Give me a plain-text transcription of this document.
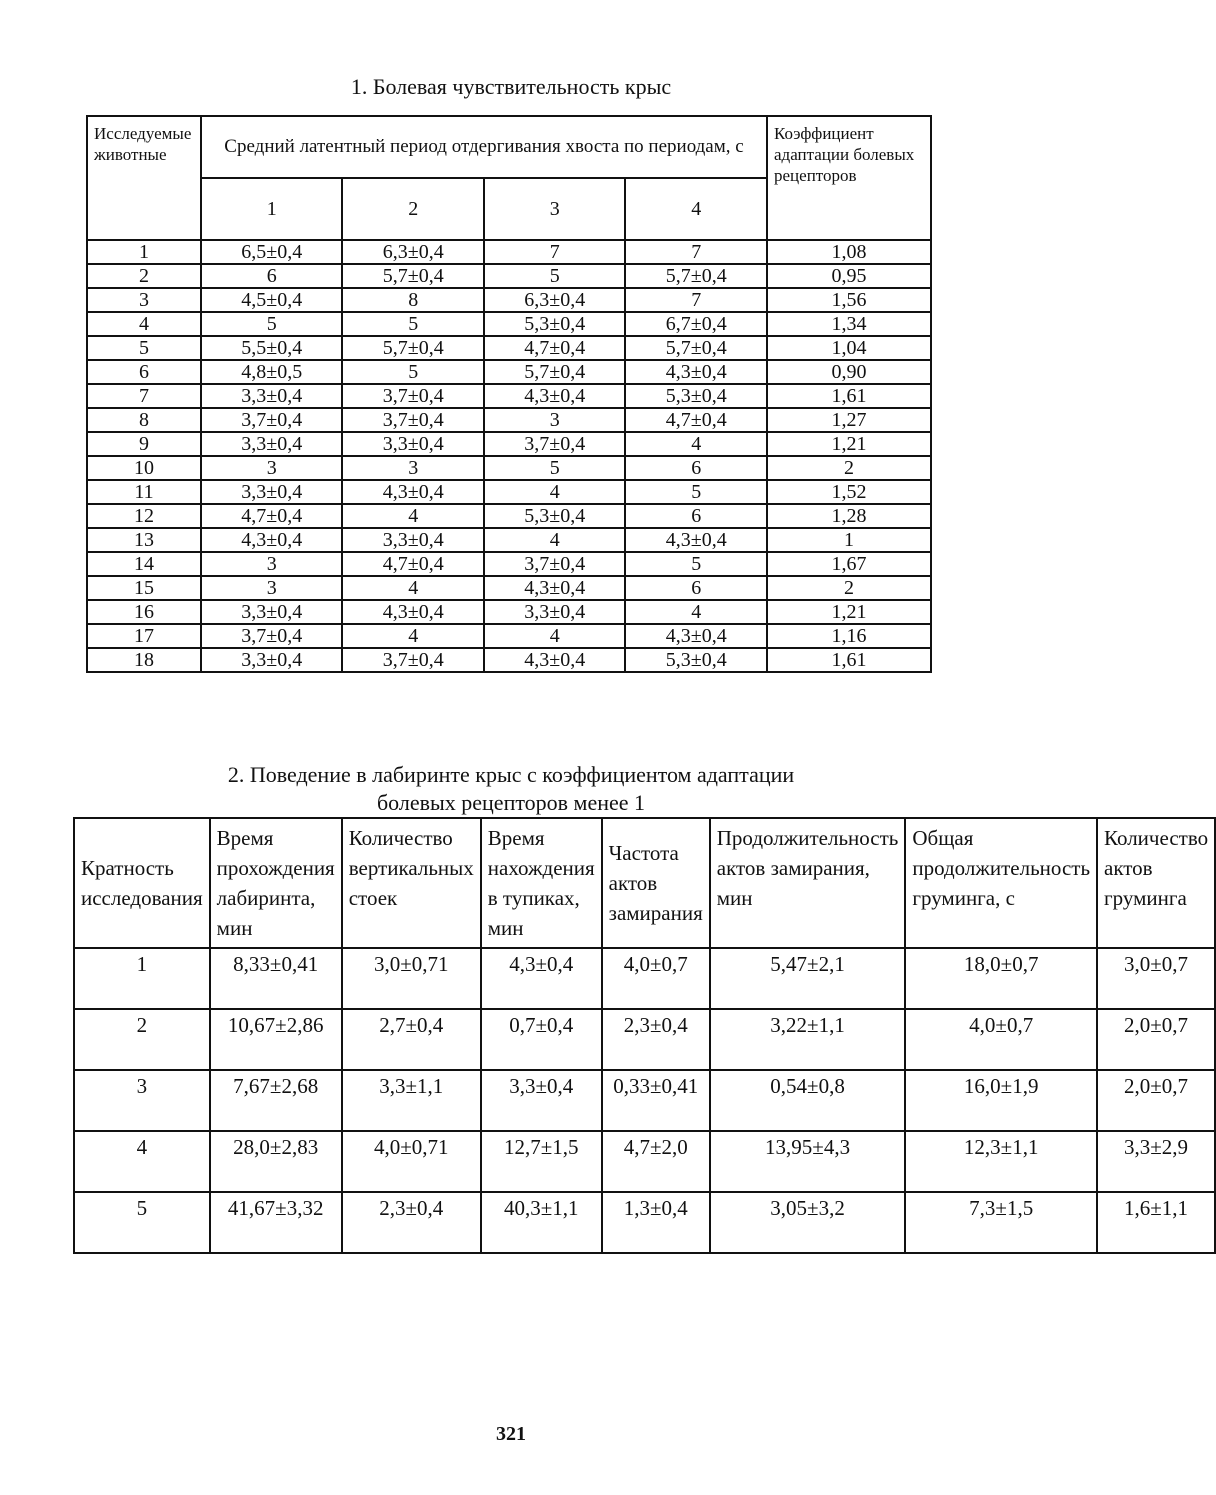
1. Болевая чувствительность крыс
Исследуемые животные	Средний латентный период отдергивания хвоста по периодам, с				Коэффициент адаптации болевых рецепторов
	1	2	3	4	
1	6,5±0,4	6,3±0,4	7	7	1,08
2	6	5,7±0,4	5	5,7±0,4	0,95
3	4,5±0,4	8	6,3±0,4	7	1,56
4	5	5	5,3±0,4	6,7±0,4	1,34
5	5,5±0,4	5,7±0,4	4,7±0,4	5,7±0,4	1,04
6	4,8±0,5	5	5,7±0,4	4,3±0,4	0,90
7	3,3±0,4	3,7±0,4	4,3±0,4	5,3±0,4	1,61
8	3,7±0,4	3,7±0,4	3	4,7±0,4	1,27
9	3,3±0,4	3,3±0,4	3,7±0,4	4	1,21
10	3	3	5	6	2
11	3,3±0,4	4,3±0,4	4	5	1,52
12	4,7±0,4	4	5,3±0,4	6	1,28
13	4,3±0,4	3,3±0,4	4	4,3±0,4	1
14	3	4,7±0,4	3,7±0,4	5	1,67
15	3	4	4,3±0,4	6	2
16	3,3±0,4	4,3±0,4	3,3±0,4	4	1,21
17	3,7±0,4	4	4	4,3±0,4	1,16
18	3,3±0,4	3,7±0,4	4,3±0,4	5,3±0,4	1,61
2. Поведение в лабиринте крыс с коэффициентом адаптации
болевых рецепторов менее 1
Кратность исследования	Время прохождения лабиринта, мин	Количество вертикальных стоек	Время нахождения в тупиках, мин	Частота актов замирания	Продолжительность актов замирания, мин	Общая продолжительность груминга, с	Количество актов груминга
1	8,33±0,41	3,0±0,71	4,3±0,4	4,0±0,7	5,47±2,1	18,0±0,7	3,0±0,7
2	10,67±2,86	2,7±0,4	0,7±0,4	2,3±0,4	3,22±1,1	4,0±0,7	2,0±0,7
3	7,67±2,68	3,3±1,1	3,3±0,4	0,33±0,41	0,54±0,8	16,0±1,9	2,0±0,7
4	28,0±2,83	4,0±0,71	12,7±1,5	4,7±2,0	13,95±4,3	12,3±1,1	3,3±2,9
5	41,67±3,32	2,3±0,4	40,3±1,1	1,3±0,4	3,05±3,2	7,3±1,5	1,6±1,1
321
